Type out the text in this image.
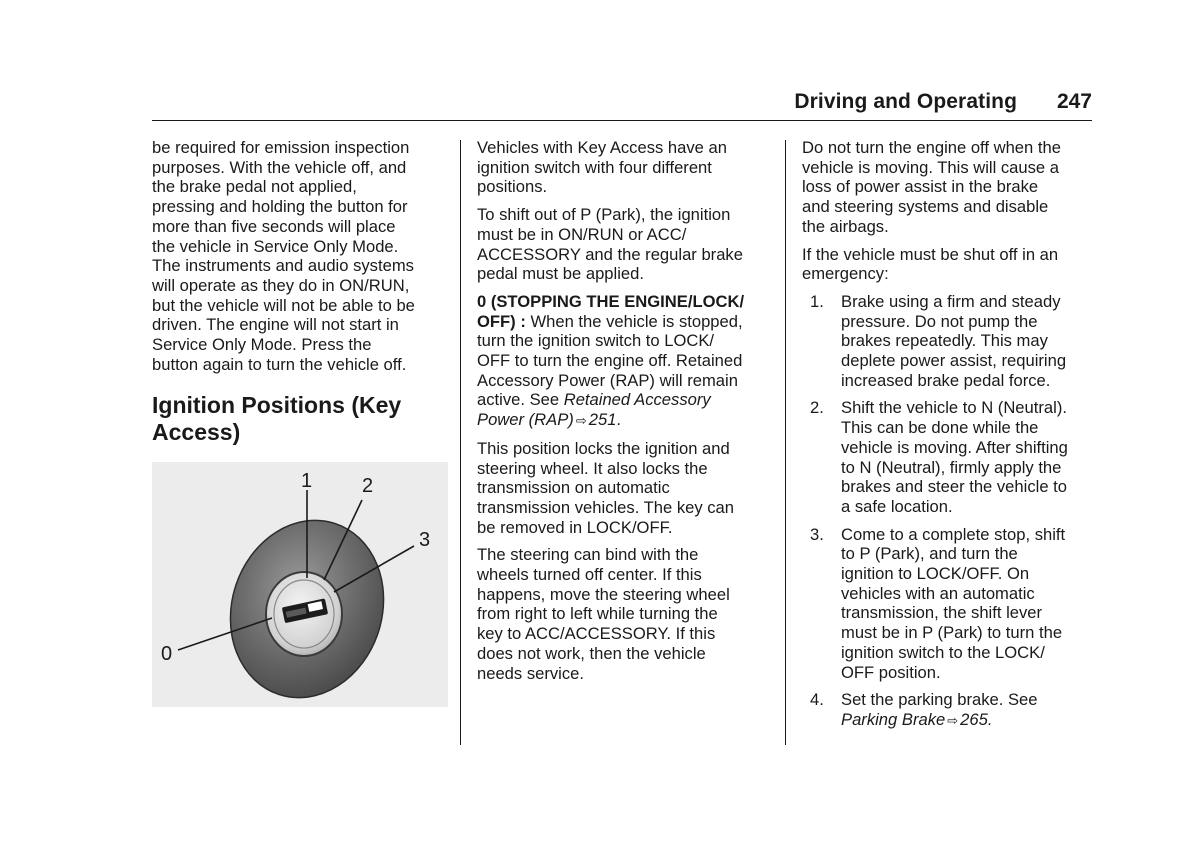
Driving and Operating 247

be required for emission inspection
purposes. With the vehicle off, and
the brake pedal not applied,
pressing and holding the button for
more than five seconds will place
the vehicle in Service Only Mode.
The instruments and audio systems
will operate as they do in ON/RUN,
but the vehicle will not be able to be
driven. The engine will not start in
Service Only Mode. Press the
button again to turn the vehicle off.

Ignition Positions (Key
Access)
1 2
3
0

Vehicles with Key Access have an
ignition switch with four different
positions.

To shift out of P (Park), the ignition
must be in ON/RUN or ACC/
ACCESSORY and the regular brake
pedal must be applied.

0 (STOPPING THE ENGINE/LOCK/
OFF) : When the vehicle is stopped,
turn the ignition switch to LOCK/
OFF to turn the engine off. Retained
Accessory Power (RAP) will remain
active. See Retained Accessory
Power (RAP) ⇨ 251.

This position locks the ignition and
steering wheel. It also locks the
transmission on automatic
transmission vehicles. The key can
be removed in LOCK/OFF.

The steering can bind with the
wheels turned off center. If this
happens, move the steering wheel
from right to left while turning the
key to ACC/ACCESSORY. If this
does not work, then the vehicle
needs service.

Do not turn the engine off when the
vehicle is moving. This will cause a
loss of power assist in the brake
and steering systems and disable
the airbags.

If the vehicle must be shut off in an
emergency:

1. Brake using a firm and steady
pressure. Do not pump the
brakes repeatedly. This may
deplete power assist, requiring
increased brake pedal force.
2. Shift the vehicle to N (Neutral).
This can be done while the
vehicle is moving. After shifting
to N (Neutral), firmly apply the
brakes and steer the vehicle to
a safe location.
3. Come to a complete stop, shift
to P (Park), and turn the
ignition to LOCK/OFF. On
vehicles with an automatic
transmission, the shift lever
must be in P (Park) to turn the
ignition switch to the LOCK/
OFF position.
4. Set the parking brake. See
Parking Brake ⇨ 265.
